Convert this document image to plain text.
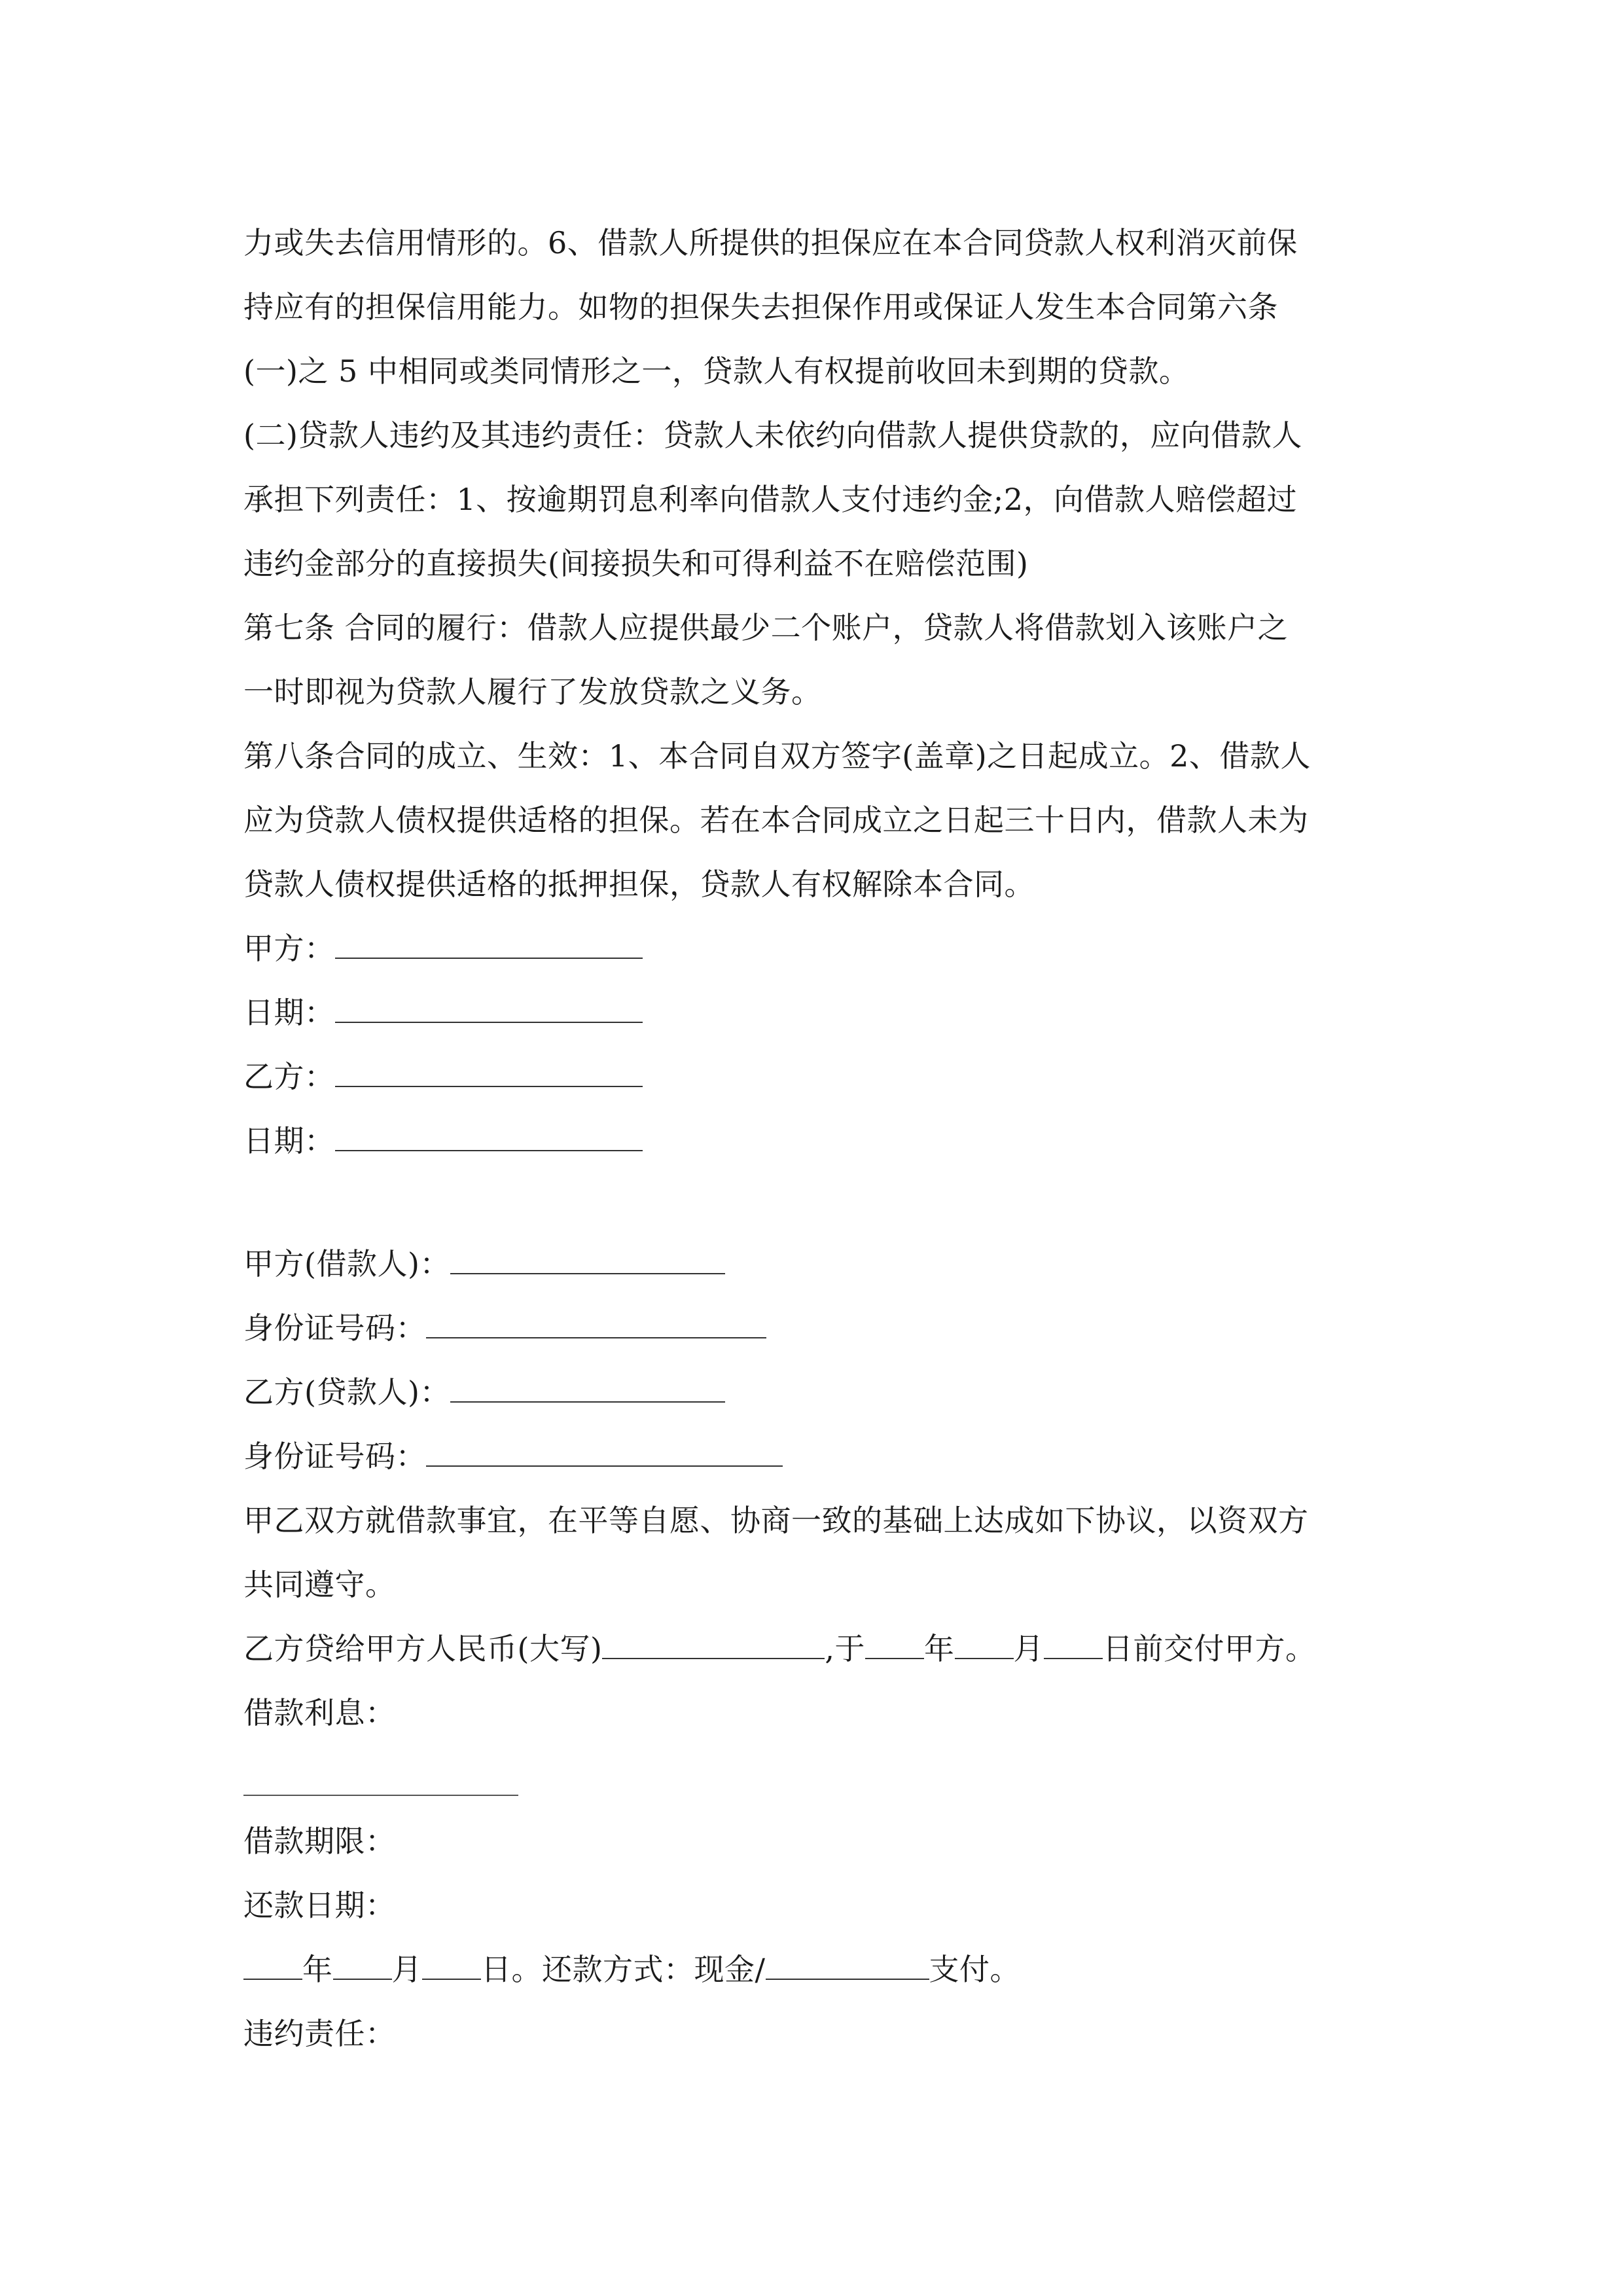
力或失去信用情形的。6、借款人所提供的担保应在本合同贷款人权利消灭前保
持应有的担保信用能力。如物的担保失去担保作用或保证人发生本合同第六条
(一)之 5 中相同或类同情形之一，贷款人有权提前收回未到期的贷款。
(二)贷款人违约及其违约责任：贷款人未依约向借款人提供贷款的，应向借款人
承担下列责任：1、按逾期罚息利率向借款人支付违约金;2，向借款人赔偿超过
违约金部分的直接损失(间接损失和可得利益不在赔偿范围)
第七条 合同的履行：借款人应提供最少二个账户，贷款人将借款划入该账户之
一时即视为贷款人履行了发放贷款之义务。
第八条合同的成立、生效：1、本合同自双方签字(盖章)之日起成立。2、借款人
应为贷款人债权提供适格的担保。若在本合同成立之日起三十日内，借款人未为
贷款人债权提供适格的抵押担保，贷款人有权解除本合同。
甲方：
日期：
乙方：
日期：
甲方(借款人)：
身份证号码：
乙方(贷款人)：
身份证号码：
甲乙双方就借款事宜，在平等自愿、协商一致的基础上达成如下协议，以资双方
共同遵守。
乙方贷给甲方人民币(大写)	,于 年 月 日前交付甲方。
借款利息：
借款期限：
还款日期：
年 月 日。还款方式：现金/	支付。
违约责任：
